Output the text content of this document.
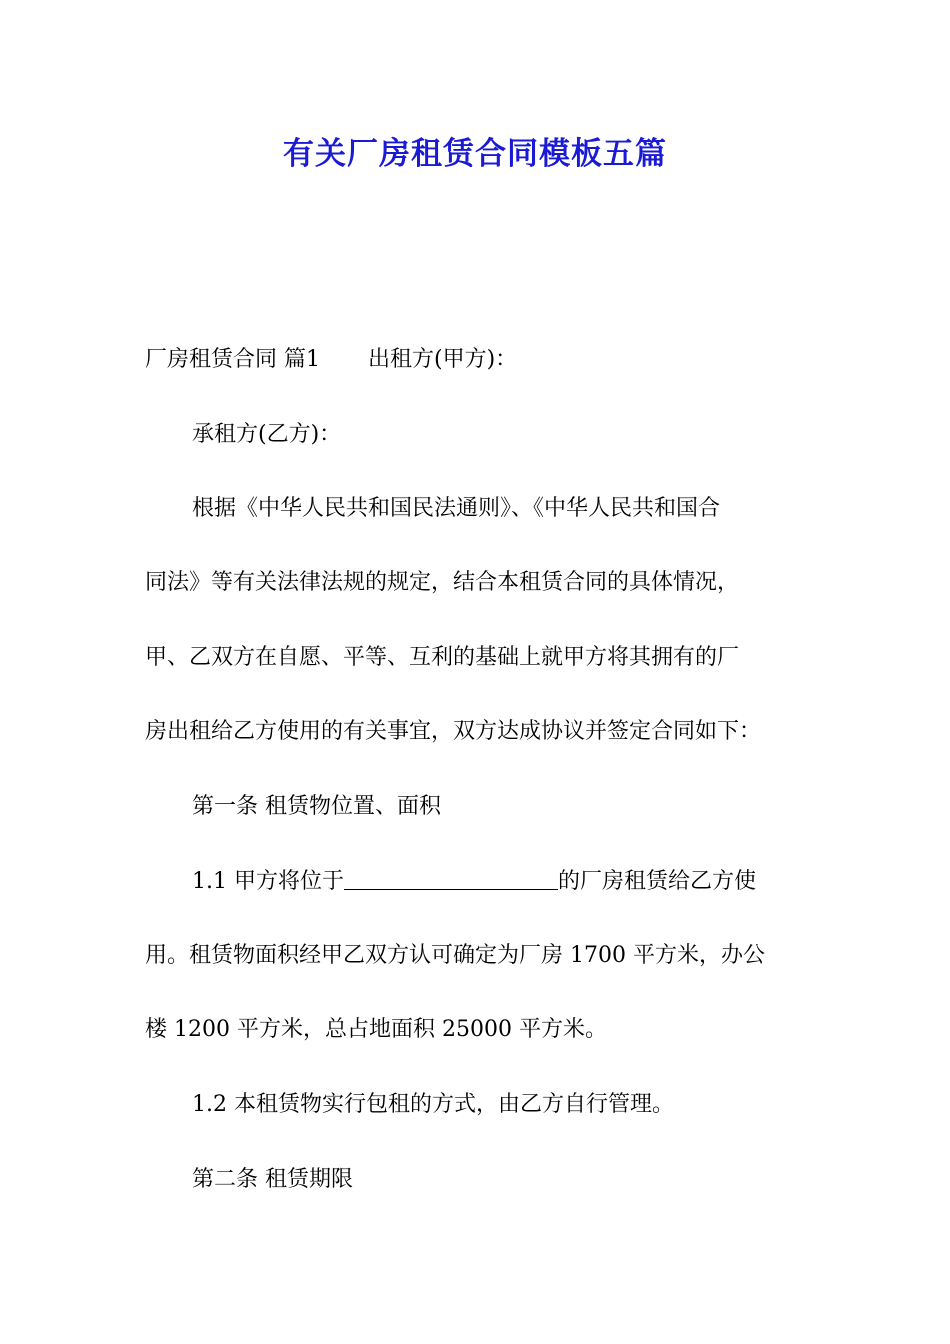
有关厂房租赁合同模板五篇
厂房租赁合同 篇1 出租方(甲方)：
承租方(乙方)：
根据《中华人民共和国民法通则》、《中华人民共和国合
同法》等有关法律法规的规定，结合本租赁合同的具体情况，
甲、乙双方在自愿、平等、互利的基础上就甲方将其拥有的厂
房出租给乙方使用的有关事宜，双方达成协议并签定合同如下：
第一条 租赁物位置、面积
1.1 甲方将位于	的厂房租赁给乙方使
用。租赁物面积经甲乙双方认可确定为厂房 1700 平方米，办公
楼 1200 平方米，总占地面积 25000 平方米。
1.2 本租赁物实行包租的方式，由乙方自行管理。
第二条 租赁期限
